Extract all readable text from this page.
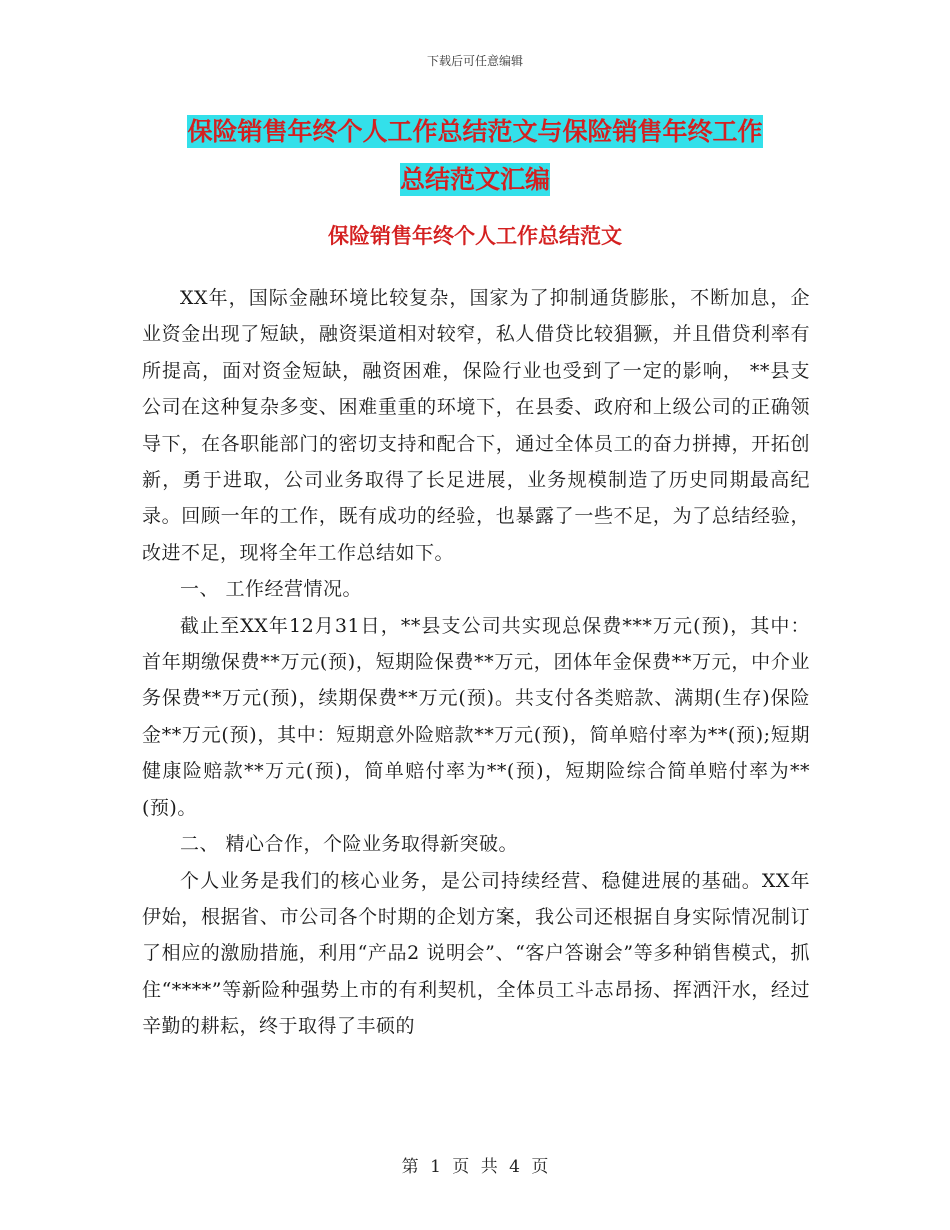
下载后可任意编辑
保险销售年终个人工作总结范文与保险销售年终工作
总结范文汇编
保险销售年终个人工作总结范文

XX年，国际金融环境比较复杂，国家为了抑制通货膨胀，不断加息，企业资金出现了短缺，融资渠道相对较窄，私人借贷比较猖獗，并且借贷利率有所提高，面对资金短缺，融资困难，保险行业也受到了一定的影响， **县支公司在这种复杂多变、困难重重的环境下，在县委、政府和上级公司的正确领导下，在各职能部门的密切支持和配合下，通过全体员工的奋力拼搏，开拓创新，勇于进取，公司业务取得了长足进展，业务规模制造了历史同期最高纪录。回顾一年的工作，既有成功的经验，也暴露了一些不足，为了总结经验，改进不足，现将全年工作总结如下。

一、 工作经营情况。

截止至XX年12月31日，**县支公司共实现总保费***万元(预)，其中：首年期缴保费**万元(预)，短期险保费**万元，团体年金保费**万元，中介业务保费**万元(预)，续期保费**万元(预)。共支付各类赔款、满期(生存)保险金**万元(预)，其中：短期意外险赔款**万元(预)，简单赔付率为**(预);短期健康险赔款**万元(预)，简单赔付率为**(预)，短期险综合简单赔付率为**(预)。

二、 精心合作，个险业务取得新突破。

个人业务是我们的核心业务，是公司持续经营、稳健进展的基础。XX年伊始，根据省、市公司各个时期的企划方案，我公司还根据自身实际情况制订了相应的激励措施，利用“产品2 说明会”、“客户答谢会”等多种销售模式，抓住“****”等新险种强势上市的有利契机，全体员工斗志昂扬、挥洒汗水，经过辛勤的耕耘，终于取得了丰硕的

第 1 页 共 4 页
